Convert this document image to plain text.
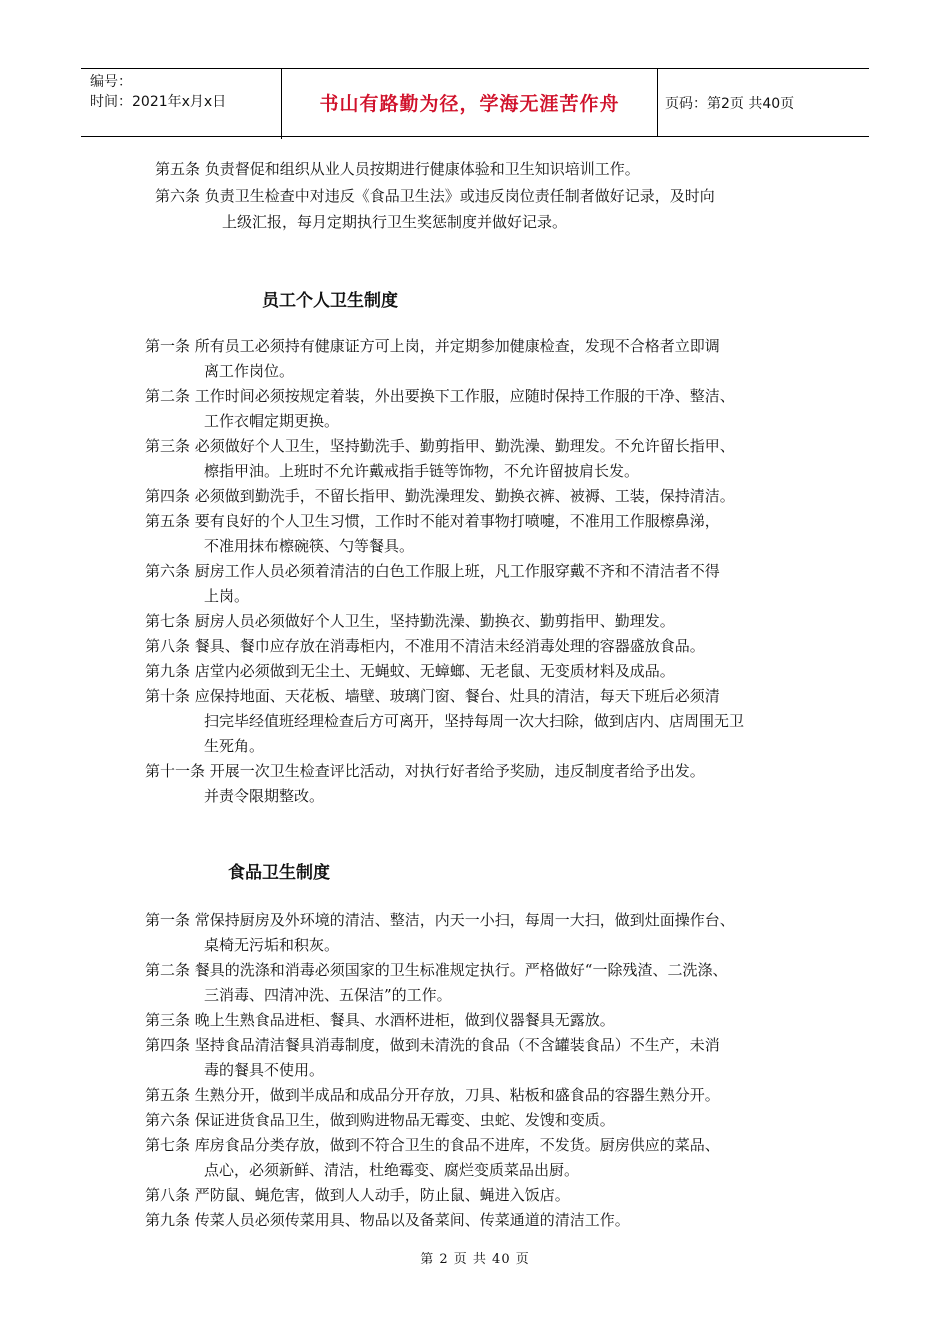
编号：
时间：2021年x月x日	书山有路勤为径，学海无涯苦作舟	页码：第2页 共40页
第五条 负责督促和组织从业人员按期进行健康体验和卫生知识培训工作。
第六条 负责卫生检查中对违反《食品卫生法》或违反岗位责任制者做好记录，及时向
上级汇报，每月定期执行卫生奖惩制度并做好记录。
员工个人卫生制度
第一条 所有员工必须持有健康证方可上岗，并定期参加健康检查，发现不合格者立即调
离工作岗位。
第二条 工作时间必须按规定着装，外出要换下工作服，应随时保持工作服的干净、整洁、
工作衣帽定期更换。
第三条 必须做好个人卫生，坚持勤洗手、勤剪指甲、勤洗澡、勤理发。不允许留长指甲、
檫指甲油。上班时不允许戴戒指手链等饰物，不允许留披肩长发。
第四条 必须做到勤洗手，不留长指甲、勤洗澡理发、勤换衣裤、被褥、工装，保持清洁。
第五条 要有良好的个人卫生习惯，工作时不能对着事物打喷嚏，不准用工作服檫鼻涕，
不准用抹布檫碗筷、勺等餐具。
第六条 厨房工作人员必须着清洁的白色工作服上班，凡工作服穿戴不齐和不清洁者不得
上岗。
第七条 厨房人员必须做好个人卫生，坚持勤洗澡、勤换衣、勤剪指甲、勤理发。
第八条 餐具、餐巾应存放在消毒柜内，不准用不清洁未经消毒处理的容器盛放食品。
第九条 店堂内必须做到无尘土、无蝇蚊、无蟑螂、无老鼠、无变质材料及成品。
第十条 应保持地面、天花板、墙壁、玻璃门窗、餐台、灶具的清洁，每天下班后必须清
扫完毕经值班经理检查后方可离开，坚持每周一次大扫除，做到店内、店周围无卫
生死角。
第十一条 开展一次卫生检查评比活动，对执行好者给予奖励，违反制度者给予出发。
并责令限期整改。
食品卫生制度
第一条 常保持厨房及外环境的清洁、整洁，内天一小扫，每周一大扫，做到灶面操作台、
桌椅无污垢和积灰。
第二条 餐具的洗涤和消毒必须国家的卫生标准规定执行。严格做好“一除残渣、二洗涤、
三消毒、四清冲洗、五保洁”的工作。
第三条 晚上生熟食品进柜、餐具、水酒杯进柜，做到仪器餐具无露放。
第四条 坚持食品清洁餐具消毒制度，做到未清洗的食品（不含罐装食品）不生产，未消
毒的餐具不使用。
第五条 生熟分开，做到半成品和成品分开存放，刀具、粘板和盛食品的容器生熟分开。
第六条 保证进货食品卫生，做到购进物品无霉变、虫蛇、发馊和变质。
第七条 库房食品分类存放，做到不符合卫生的食品不进库，不发货。厨房供应的菜品、
点心，必须新鲜、清洁，杜绝霉变、腐烂变质菜品出厨。
第八条 严防鼠、蝇危害，做到人人动手，防止鼠、蝇进入饭店。
第九条 传菜人员必须传菜用具、物品以及备菜间、传菜通道的清洁工作。
第 2 页 共 40 页
